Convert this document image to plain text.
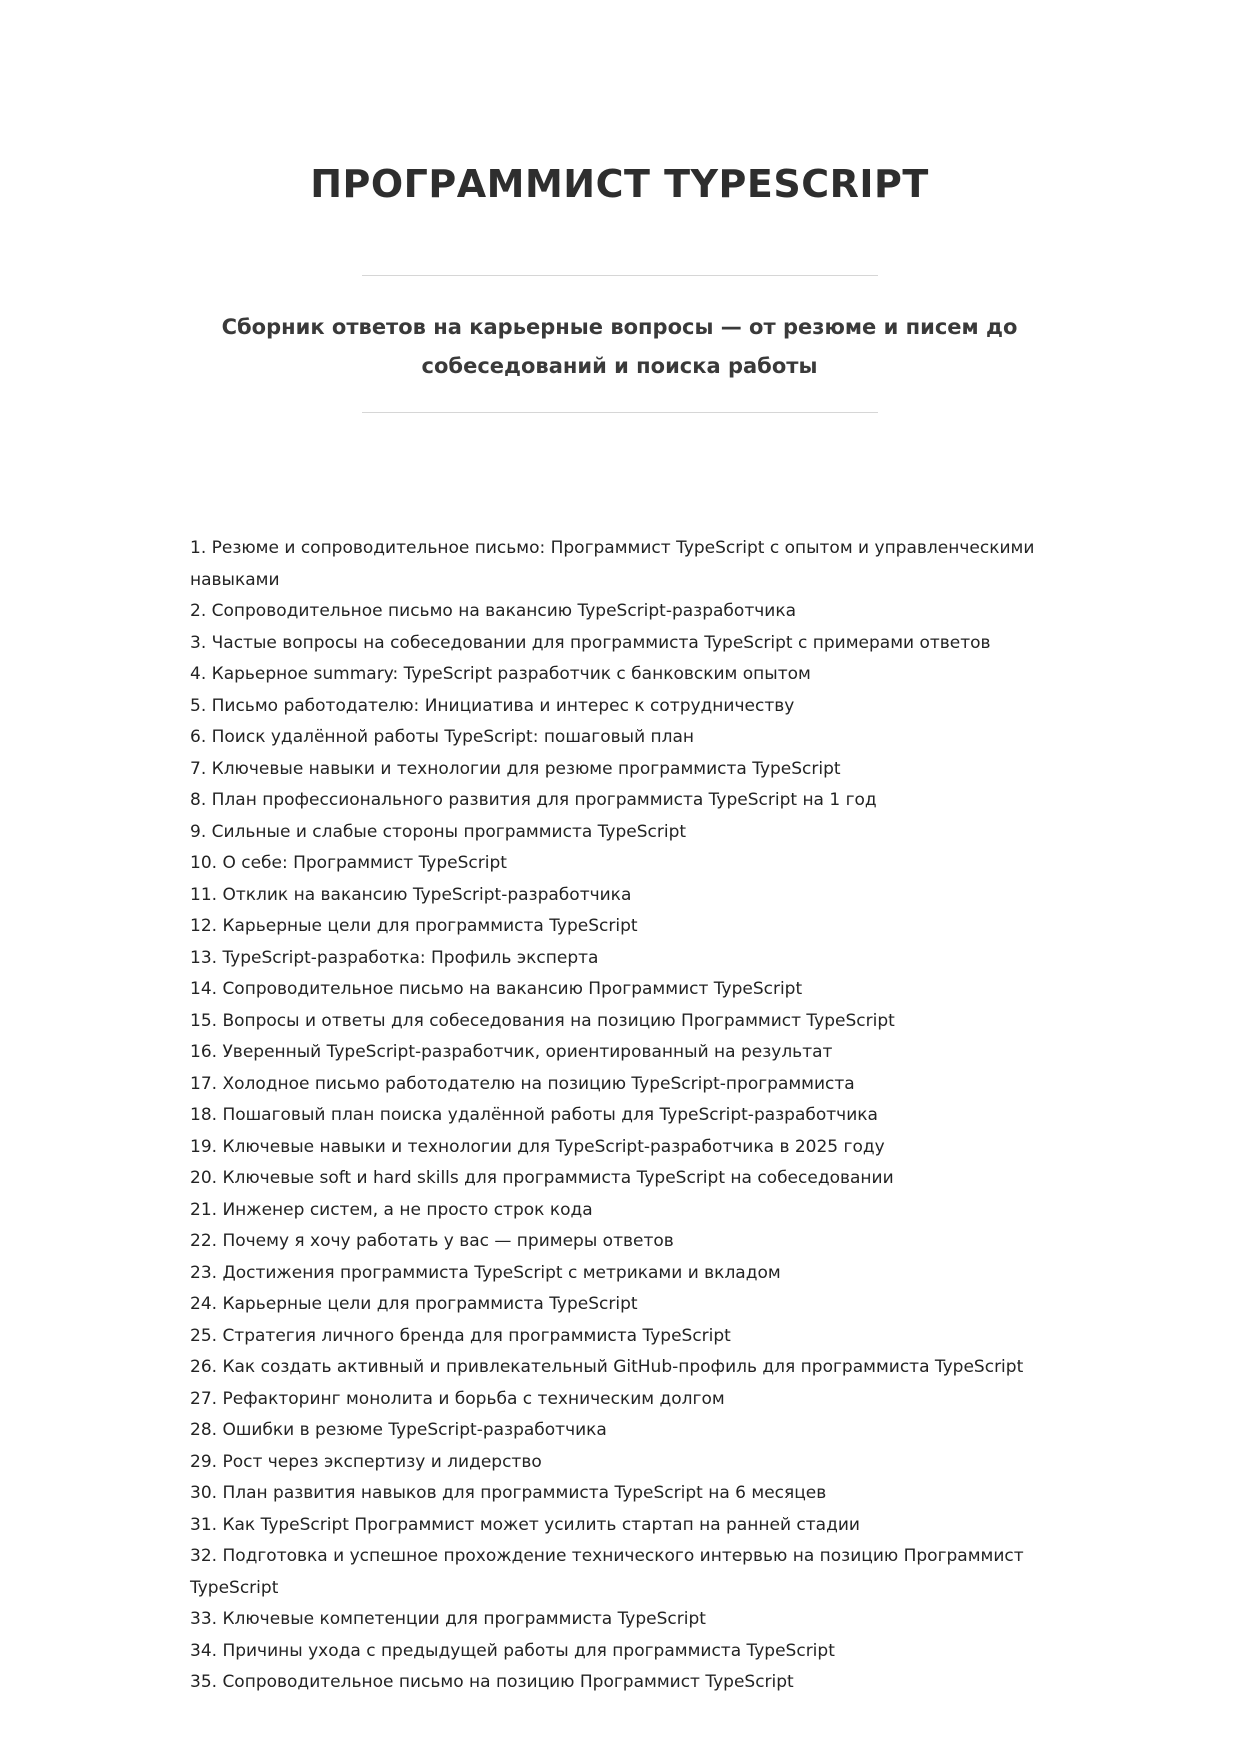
ПРОГРАММИСТ TYPESCRIPT

Сборник ответов на карьерные вопросы — от резюме и писем до собеседований и поиска работы

1. Резюме и сопроводительное письмо: Программист TypeScript с опытом и управленческими навыками
2. Сопроводительное письмо на вакансию TypeScript-разработчика
3. Частые вопросы на собеседовании для программиста TypeScript с примерами ответов
4. Карьерное summary: TypeScript разработчик с банковским опытом
5. Письмо работодателю: Инициатива и интерес к сотрудничеству
6. Поиск удалённой работы TypeScript: пошаговый план
7. Ключевые навыки и технологии для резюме программиста TypeScript
8. План профессионального развития для программиста TypeScript на 1 год
9. Сильные и слабые стороны программиста TypeScript
10. О себе: Программист TypeScript
11. Отклик на вакансию TypeScript-разработчика
12. Карьерные цели для программиста TypeScript
13. TypeScript-разработка: Профиль эксперта
14. Сопроводительное письмо на вакансию Программист TypeScript
15. Вопросы и ответы для собеседования на позицию Программист TypeScript
16. Уверенный TypeScript-разработчик, ориентированный на результат
17. Холодное письмо работодателю на позицию TypeScript-программиста
18. Пошаговый план поиска удалённой работы для TypeScript-разработчика
19. Ключевые навыки и технологии для TypeScript-разработчика в 2025 году
20. Ключевые soft и hard skills для программиста TypeScript на собеседовании
21. Инженер систем, а не просто строк кода
22. Почему я хочу работать у вас — примеры ответов
23. Достижения программиста TypeScript с метриками и вкладом
24. Карьерные цели для программиста TypeScript
25. Стратегия личного бренда для программиста TypeScript
26. Как создать активный и привлекательный GitHub-профиль для программиста TypeScript
27. Рефакторинг монолита и борьба с техническим долгом
28. Ошибки в резюме TypeScript-разработчика
29. Рост через экспертизу и лидерство
30. План развития навыков для программиста TypeScript на 6 месяцев
31. Как TypeScript Программист может усилить стартап на ранней стадии
32. Подготовка и успешное прохождение технического интервью на позицию Программист TypeScript
33. Ключевые компетенции для программиста TypeScript
34. Причины ухода с предыдущей работы для программиста TypeScript
35. Сопроводительное письмо на позицию Программист TypeScript
